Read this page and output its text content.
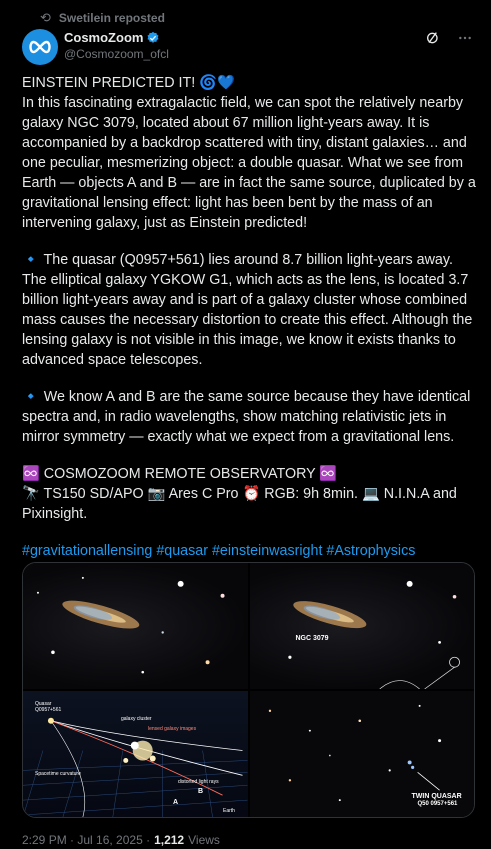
⟲ Swetilein reposted
CosmoZoom
@Cosmozoom_ofcl

EINSTEIN PREDICTED IT! 🌀💙

In this fascinating extragalactic field, we can spot the relatively nearby galaxy NGC 3079, located about 67 million light-years away. It is accompanied by a backdrop scattered with tiny, distant galaxies… and one peculiar, mesmerizing object: a double quasar. What we see from Earth — objects A and B — are in fact the same source, duplicated by a gravitational lensing effect: light has been bent by the mass of an intervening galaxy, just as Einstein predicted!

🔹 The quasar (Q0957+561) lies around 8.7 billion light-years away. The elliptical galaxy YGKOW G1, which acts as the lens, is located 3.7 billion light-years away and is part of a galaxy cluster whose combined mass causes the necessary distortion to create this effect. Although the lensing galaxy is not visible in this image, we know it exists thanks to advanced space telescopes.

🔹 We know A and B are the same source because they have identical spectra and, in radio wavelengths, show matching relativistic jets in mirror symmetry — exactly what we expect from a gravitational lens.

♾️ COSMOZOOM REMOTE OBSERVATORY ♾️

🔭 TS150 SD/APO 📷 Ares C Pro ⏰ RGB: 9h 8min. 💻 N.I.N.A and Pixinsight.

#gravitationallensing #quasar #einsteinwasright #Astrophysics

NGC 3079
Quasar
Q0957+561
galaxy cluster
lensed galaxy images
Spacetime curvature
distorted light rays
A
B
Earth
TWIN QUASAR
Q50 0957+561
2:29 PM · Jul 16, 2025 · 1,212 Views
